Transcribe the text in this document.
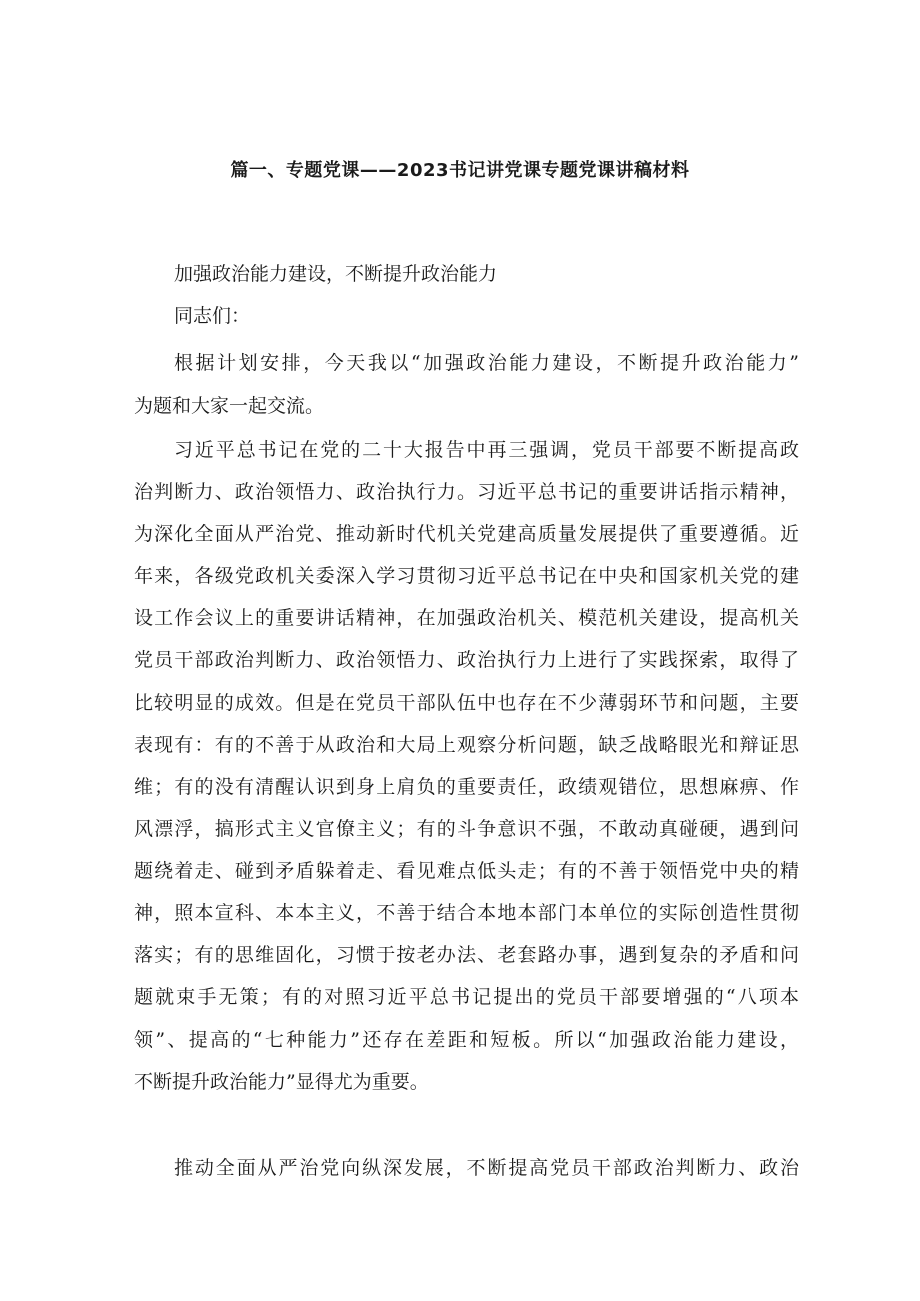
篇一、专题党课——2023书记讲党课专题党课讲稿材料

加强政治能力建设，不断提升政治能力

同志们：

根据计划安排，今天我以“加强政治能力建设，不断提升政治能力”

为题和大家一起交流。

习近平总书记在党的二十大报告中再三强调，党员干部要不断提高政

治判断力、政治领悟力、政治执行力。习近平总书记的重要讲话指示精神，

为深化全面从严治党、推动新时代机关党建高质量发展提供了重要遵循。近

年来，各级党政机关委深入学习贯彻习近平总书记在中央和国家机关党的建

设工作会议上的重要讲话精神，在加强政治机关、模范机关建设，提高机关

党员干部政治判断力、政治领悟力、政治执行力上进行了实践探索，取得了

比较明显的成效。但是在党员干部队伍中也存在不少薄弱环节和问题，主要

表现有：有的不善于从政治和大局上观察分析问题，缺乏战略眼光和辩证思

维；有的没有清醒认识到身上肩负的重要责任，政绩观错位，思想麻痹、作

风漂浮，搞形式主义官僚主义；有的斗争意识不强，不敢动真碰硬，遇到问

题绕着走、碰到矛盾躲着走、看见难点低头走；有的不善于领悟党中央的精

神，照本宣科、本本主义，不善于结合本地本部门本单位的实际创造性贯彻

落实；有的思维固化，习惯于按老办法、老套路办事，遇到复杂的矛盾和问

题就束手无策；有的对照习近平总书记提出的党员干部要增强的“八项本

领”、提高的“七种能力”还存在差距和短板。所以“加强政治能力建设，

不断提升政治能力”显得尤为重要。

推动全面从严治党向纵深发展，不断提高党员干部政治判断力、政治
